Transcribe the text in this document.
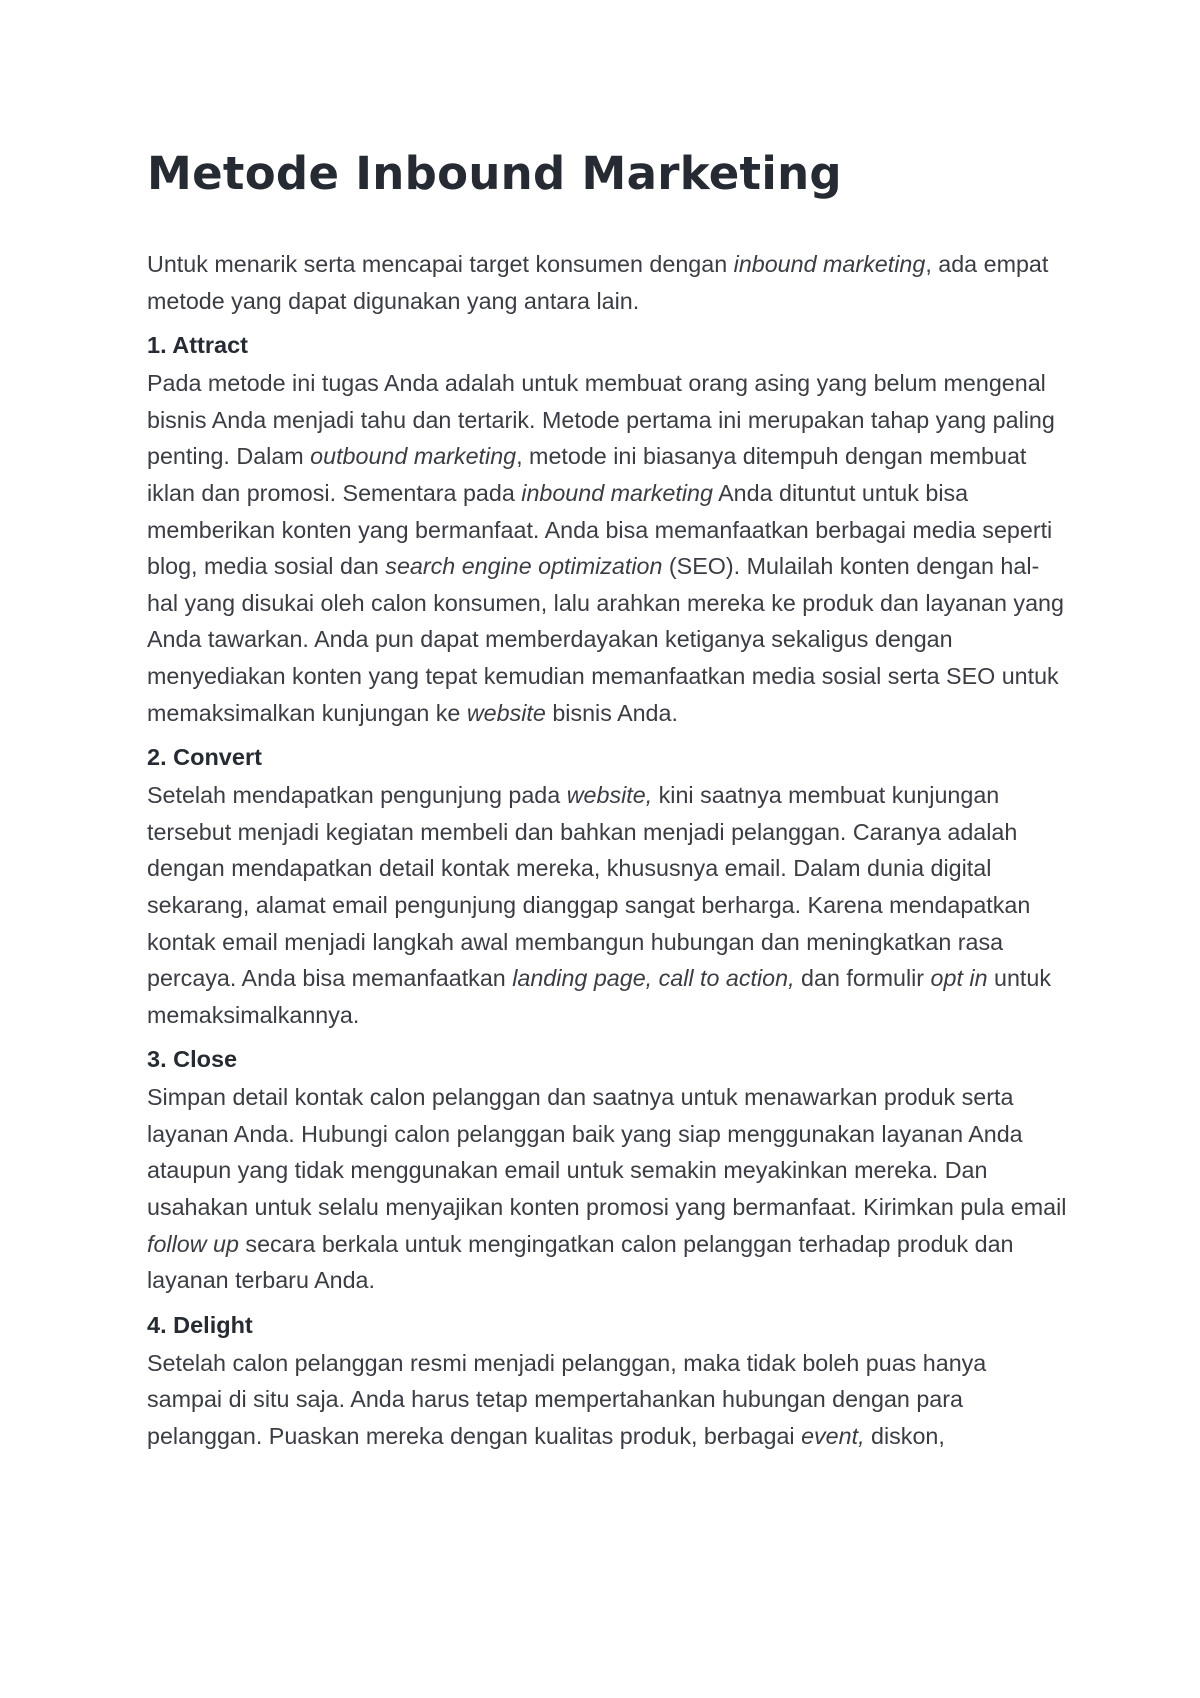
Metode Inbound Marketing

Untuk menarik serta mencapai target konsumen dengan inbound marketing, ada empat metode yang dapat digunakan yang antara lain.

1. Attract

Pada metode ini tugas Anda adalah untuk membuat orang asing yang belum mengenal bisnis Anda menjadi tahu dan tertarik. Metode pertama ini merupakan tahap yang paling penting. Dalam outbound marketing, metode ini biasanya ditempuh dengan membuat iklan dan promosi. Sementara pada inbound marketing Anda dituntut untuk bisa memberikan konten yang bermanfaat. Anda bisa memanfaatkan berbagai media seperti blog, media sosial dan search engine optimization (SEO). Mulailah konten dengan hal-hal yang disukai oleh calon konsumen, lalu arahkan mereka ke produk dan layanan yang Anda tawarkan. Anda pun dapat memberdayakan ketiganya sekaligus dengan menyediakan konten yang tepat kemudian memanfaatkan media sosial serta SEO untuk memaksimalkan kunjungan ke website bisnis Anda.

2. Convert

Setelah mendapatkan pengunjung pada website, kini saatnya membuat kunjungan tersebut menjadi kegiatan membeli dan bahkan menjadi pelanggan. Caranya adalah dengan mendapatkan detail kontak mereka, khususnya email. Dalam dunia digital sekarang, alamat email pengunjung dianggap sangat berharga. Karena mendapatkan kontak email menjadi langkah awal membangun hubungan dan meningkatkan rasa percaya. Anda bisa memanfaatkan landing page, call to action, dan formulir opt in untuk memaksimalkannya.

3. Close

Simpan detail kontak calon pelanggan dan saatnya untuk menawarkan produk serta layanan Anda. Hubungi calon pelanggan baik yang siap menggunakan layanan Anda ataupun yang tidak menggunakan email untuk semakin meyakinkan mereka. Dan usahakan untuk selalu menyajikan konten promosi yang bermanfaat. Kirimkan pula email follow up secara berkala untuk mengingatkan calon pelanggan terhadap produk dan layanan terbaru Anda.

4. Delight

Setelah calon pelanggan resmi menjadi pelanggan, maka tidak boleh puas hanya sampai di situ saja. Anda harus tetap mempertahankan hubungan dengan para pelanggan. Puaskan mereka dengan kualitas produk, berbagai event, diskon,
